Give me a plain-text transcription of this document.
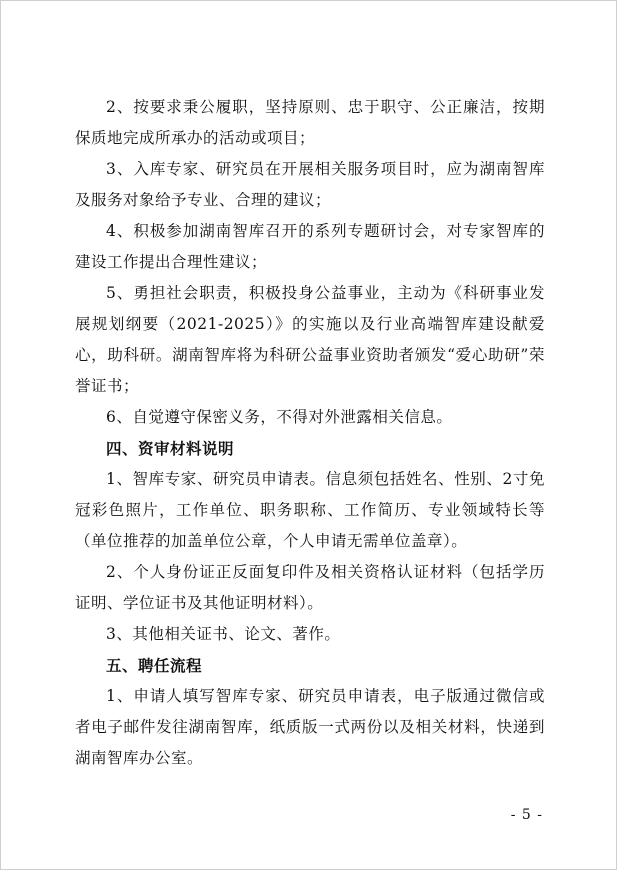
2、按要求秉公履职，坚持原则、忠于职守、公正廉洁，按期保质地完成所承办的活动或项目；

3、入库专家、研究员在开展相关服务项目时，应为湖南智库及服务对象给予专业、合理的建议；

4、积极参加湖南智库召开的系列专题研讨会，对专家智库的建设工作提出合理性建议；

5、勇担社会职责，积极投身公益事业，主动为《科研事业发展规划纲要（2021-2025）》的实施以及行业高端智库建设献爱心，助科研。湖南智库将为科研公益事业资助者颁发“爱心助研”荣誉证书；

6、自觉遵守保密义务，不得对外泄露相关信息。

四、资审材料说明

1、智库专家、研究员申请表。信息须包括姓名、性别、2寸免冠彩色照片，工作单位、职务职称、工作简历、专业领域特长等（单位推荐的加盖单位公章，个人申请无需单位盖章）。

2、个人身份证正反面复印件及相关资格认证材料（包括学历证明、学位证书及其他证明材料）。

3、其他相关证书、论文、著作。

五、聘任流程

1、申请人填写智库专家、研究员申请表，电子版通过微信或者电子邮件发往湖南智库，纸质版一式两份以及相关材料，快递到湖南智库办公室。

- 5 -
